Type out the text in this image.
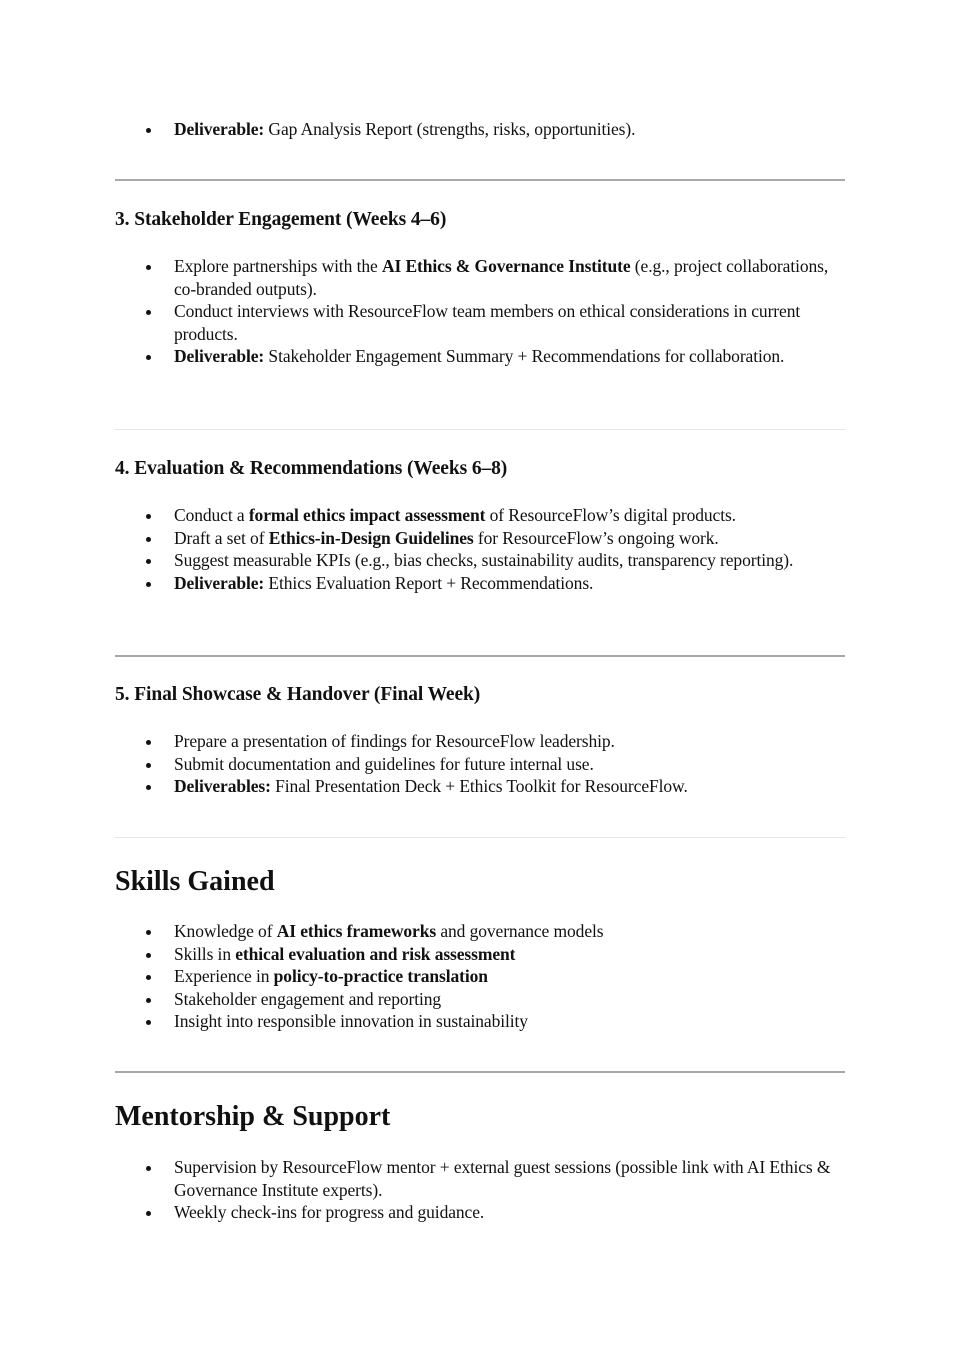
Deliverable: Gap Analysis Report (strengths, risks, opportunities).
3. Stakeholder Engagement (Weeks 4–6)
Explore partnerships with the AI Ethics & Governance Institute (e.g., project collaborations, co-branded outputs).
Conduct interviews with ResourceFlow team members on ethical considerations in current products.
Deliverable: Stakeholder Engagement Summary + Recommendations for collaboration.
4. Evaluation & Recommendations (Weeks 6–8)
Conduct a formal ethics impact assessment of ResourceFlow’s digital products.
Draft a set of Ethics-in-Design Guidelines for ResourceFlow’s ongoing work.
Suggest measurable KPIs (e.g., bias checks, sustainability audits, transparency reporting).
Deliverable: Ethics Evaluation Report + Recommendations.
5. Final Showcase & Handover (Final Week)
Prepare a presentation of findings for ResourceFlow leadership.
Submit documentation and guidelines for future internal use.
Deliverables: Final Presentation Deck + Ethics Toolkit for ResourceFlow.
Skills Gained
Knowledge of AI ethics frameworks and governance models
Skills in ethical evaluation and risk assessment
Experience in policy-to-practice translation
Stakeholder engagement and reporting
Insight into responsible innovation in sustainability
Mentorship & Support
Supervision by ResourceFlow mentor + external guest sessions (possible link with AI Ethics & Governance Institute experts).
Weekly check-ins for progress and guidance.
